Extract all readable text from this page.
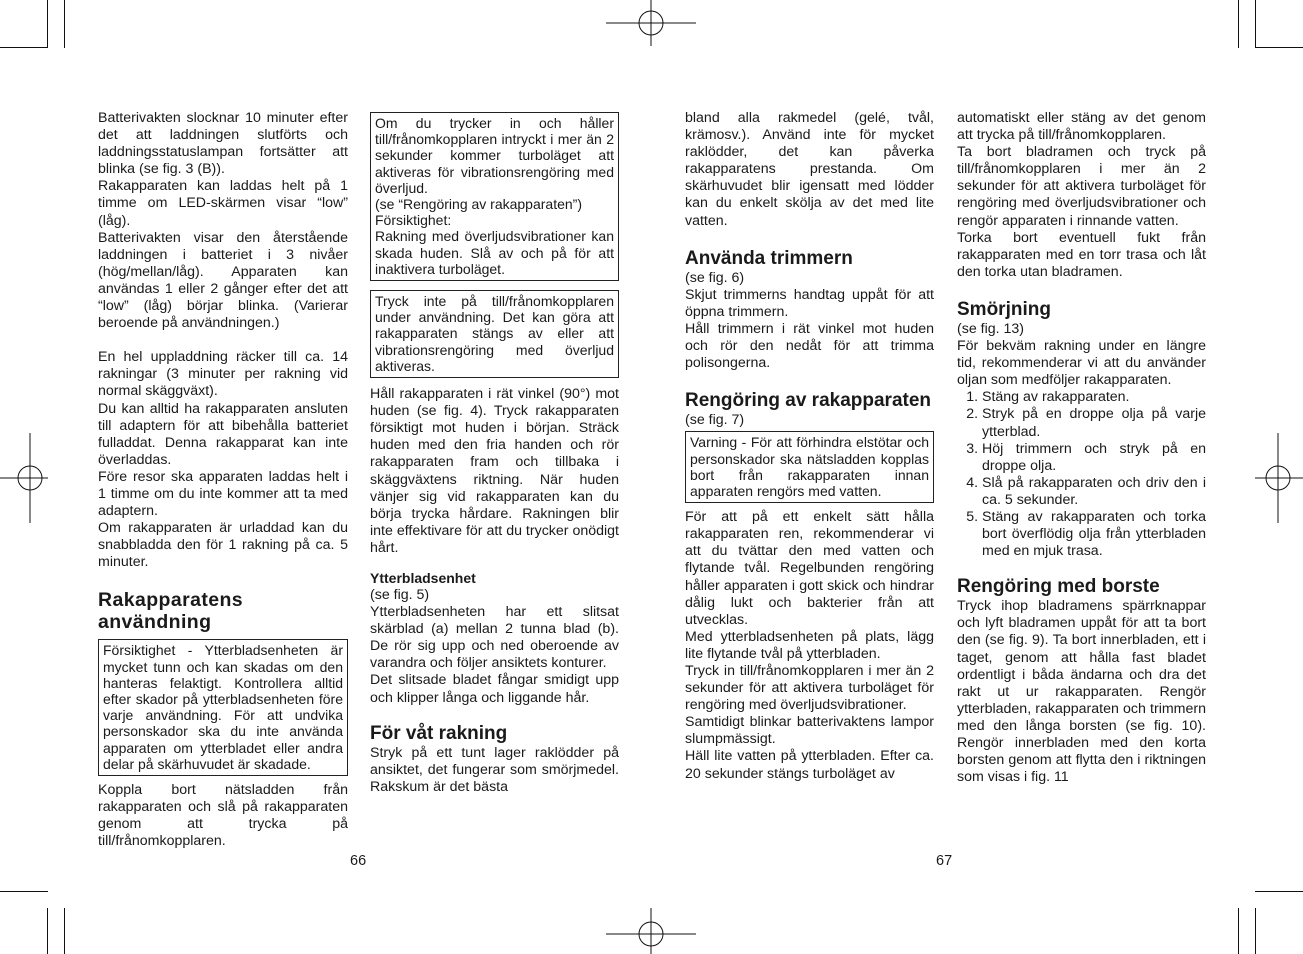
Batterivakten slocknar 10 minuter efter det att laddningen slutförts och laddningsstatuslampan fortsätter att blinka (se fig. 3 (B)).

Rakapparaten kan laddas helt på 1 timme om LED-skärmen visar “low” (låg).

Batterivakten visar den återstående laddningen i batteriet i 3 nivåer (hög/mellan/låg). Apparaten kan användas 1 eller 2 gånger efter det att “low” (låg) börjar blinka. (Varierar beroende på användningen.)

En hel uppladdning räcker till ca. 14 rakningar (3 minuter per rakning vid normal skäggväxt).

Du kan alltid ha rakapparaten ansluten till adaptern för att bibehålla batteriet fulladdat. Denna rakapparat kan inte överladdas.

Före resor ska apparaten laddas helt i 1 timme om du inte kommer att ta med adaptern.

Om rakapparaten är urladdad kan du snabbladda den för 1 rakning på ca. 5 minuter.

Rakapparatens användning
Försiktighet - Ytterbladsenheten är mycket tunn och kan skadas om den hanteras felaktigt. Kontrollera alltid efter skador på ytterbladsenheten före varje användning. För att undvika personskador ska du inte använda apparaten om ytterbladet eller andra delar på skärhuvudet är skadade.

Koppla bort nätsladden från rakapparaten och slå på rakapparaten genom att trycka på till/frånomkopplaren.

Om du trycker in och håller till/frånomkopplaren intryckt i mer än 2 sekunder kommer turboläget att aktiveras för vibrationsrengöring med överljud.
(se “Rengöring av rakapparaten”)
Försiktighet:
Rakning med överljudsvibrationer kan skada huden. Slå av och på för att inaktivera turboläget.
Tryck inte på till/frånomkopplaren under användning. Det kan göra att rakapparaten stängs av eller att vibrationsrengöring med överljud aktiveras.

Håll rakapparaten i rät vinkel (90°) mot huden (se fig. 4). Tryck rakapparaten försiktigt mot huden i början. Sträck huden med den fria handen och rör rakapparaten fram och tillbaka i skäggväxtens riktning. När huden vänjer sig vid rakapparaten kan du börja trycka hårdare. Rakningen blir inte effektivare för att du trycker onödigt hårt.

Ytterbladsenhet

(se fig. 5)

Ytterbladsenheten har ett slitsat skärblad (a) mellan 2 tunna blad (b). De rör sig upp och ned oberoende av varandra och följer ansiktets konturer.

Det slitsade bladet fångar smidigt upp och klipper långa och liggande hår.

För våt rakning

Stryk på ett tunt lager raklödder på ansiktet, det fungerar som smörjmedel. Rakskum är det bästa

bland alla rakmedel (gelé, tvål, krämosv.). Använd inte för mycket raklödder, det kan påverka rakapparatens prestanda. Om skärhuvudet blir igensatt med lödder kan du enkelt skölja av det med lite vatten.

Använda trimmern

(se fig. 6)

Skjut trimmerns handtag uppåt för att öppna trimmern.

Håll trimmern i rät vinkel mot huden och rör den nedåt för att trimma polisongerna.

Rengöring av rakapparaten

(se fig. 7)

Varning - För att förhindra elstötar och personskador ska nätsladden kopplas bort från rakapparaten innan apparaten rengörs med vatten.

För att på ett enkelt sätt hålla rakapparaten ren, rekommenderar vi att du tvättar den med vatten och flytande tvål. Regelbunden rengöring håller apparaten i gott skick och hindrar dålig lukt och bakterier från att utvecklas.

Med ytterbladsenheten på plats, lägg lite flytande tvål på ytterbladen.

Tryck in till/frånomkopplaren i mer än 2 sekunder för att aktivera turboläget för rengöring med överljudsvibrationer.

Samtidigt blinkar batterivaktens lampor slumpmässigt.

Häll lite vatten på ytterbladen. Efter ca. 20 sekunder stängs turboläget av

automatiskt eller stäng av det genom att trycka på till/frånomkopplaren.

Ta bort bladramen och tryck på till/frånomkopplaren i mer än 2 sekunder för att aktivera turboläget för rengöring med överljudsvibrationer och rengör apparaten i rinnande vatten.

Torka bort eventuell fukt från rakapparaten med en torr trasa och låt den torka utan bladramen.

Smörjning

(se fig. 13)

För bekväm rakning under en längre tid, rekommenderar vi att du använder oljan som medföljer rakapparaten.

1. Stäng av rakapparaten.
2. Stryk på en droppe olja på varje ytterblad.
3. Höj trimmern och stryk på en droppe olja.
4. Slå på rakapparaten och driv den i ca. 5 sekunder.
5. Stäng av rakapparaten och torka bort överflödig olja från ytterbladen med en mjuk trasa.
Rengöring med borste

Tryck ihop bladramens spärrknappar och lyft bladramen uppåt för att ta bort den (se fig. 9). Ta bort innerbladen, ett i taget, genom att hålla fast bladet ordentligt i båda ändarna och dra det rakt ut ur rakapparaten. Rengör ytterbladen, rakapparaten och trimmern med den långa borsten (se fig. 10). Rengör innerbladen med den korta borsten genom att flytta den i riktningen som visas i fig. 11

66	67
